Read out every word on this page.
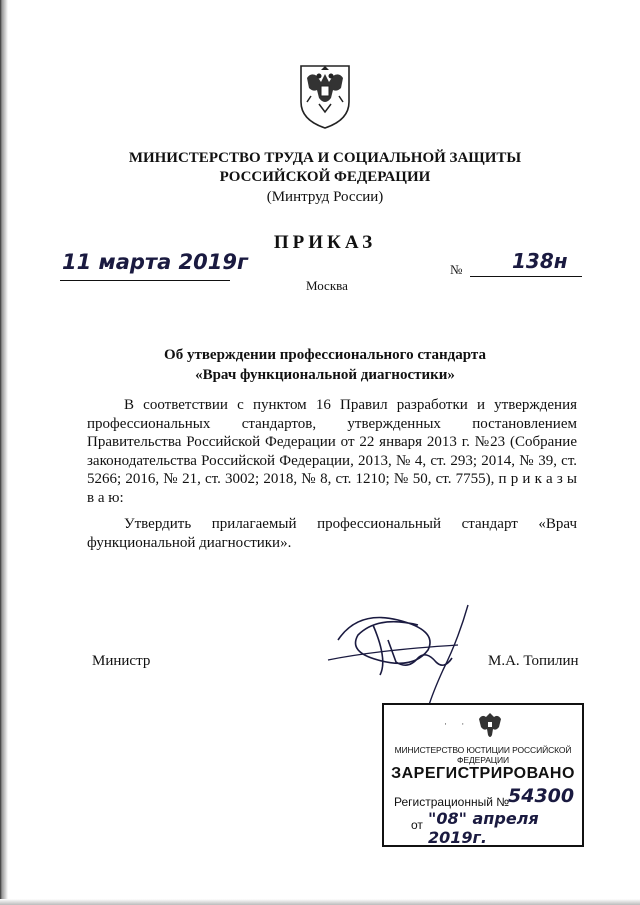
МИНИСТЕРСТВО ТРУДА И СОЦИАЛЬНОЙ ЗАЩИТЫ
РОССИЙСКОЙ ФЕДЕРАЦИИ
(Минтруд России)
ПРИКАЗ
11 марта 2019г	№ 138н
Москва
Об утверждении профессионального стандарта
«Врач функциональной диагностики»

В соответствии с пунктом 16 Правил разработки и утверждения профессиональных стандартов, утвержденных постановлением Правительства Российской Федерации от 22 января 2013 г. №23 (Собрание законодательства Российской Федерации, 2013, № 4, ст. 293; 2014, № 39, ст. 5266; 2016, № 21, ст. 3002; 2018, № 8, ст. 1210; № 50, ст. 7755), п р и к а з ы в а ю:

Утвердить прилагаемый профессиональный стандарт «Врач функциональной диагностики».

Министр	М.А. Топилин
· ·
МИНИСТЕРСТВО ЮСТИЦИИ РОССИЙСКОЙ ФЕДЕРАЦИИ
ЗАРЕГИСТРИРОВАНО
Регистрационный №
54300
от "08" апреля 2019г.
